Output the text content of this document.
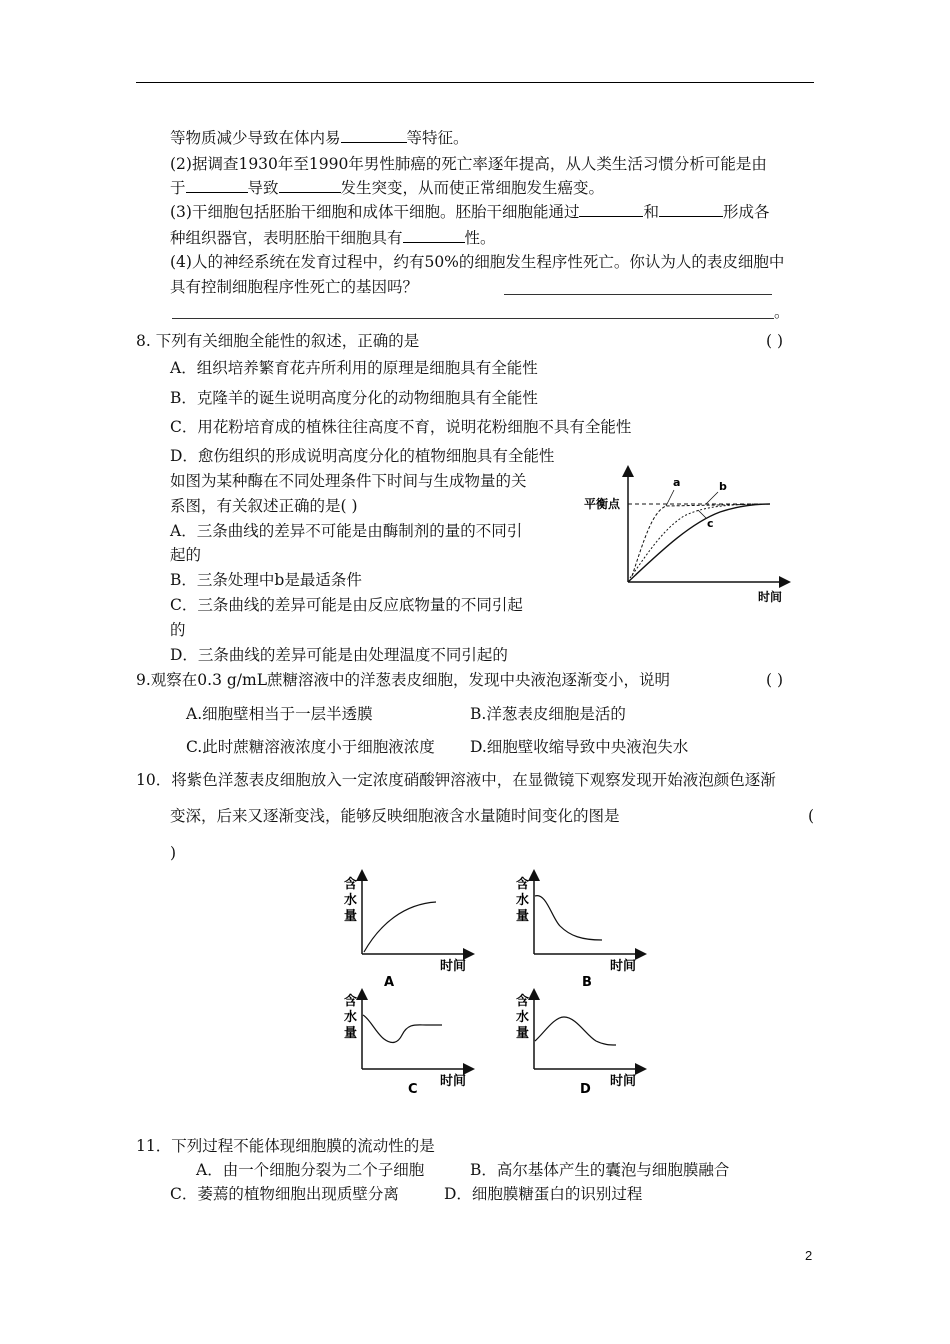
等物质减少导致在体内易	等特征。
(2)据调查1930年至1990年男性肺癌的死亡率逐年提高，从人类生活习惯分析可能是由
于	导致	发生突变，从而使正常细胞发生癌变。
(3)干细胞包括胚胎干细胞和成体干细胞。胚胎干细胞能通过	和	形成各
种组织器官，表明胚胎干细胞具有	性。
(4)人的神经系统在发育过程中，约有50%的细胞发生程序性死亡。你认为人的表皮细胞中
具有控制细胞程序性死亡的基因吗？
。
8. 下列有关细胞全能性的叙述，正确的是	( )
A．组织培养繁育花卉所利用的原理是细胞具有全能性
B．克隆羊的诞生说明高度分化的动物细胞具有全能性
C．用花粉培育成的植株往往高度不育，说明花粉细胞不具有全能性
D．愈伤组织的形成说明高度分化的植物细胞具有全能性
如图为某种酶在不同处理条件下时间与生成物量的关
系图，有关叙述正确的是( )
A．三条曲线的差异不可能是由酶制剂的量的不同引
起的
B．三条处理中b是最适条件
C．三条曲线的差异可能是由反应底物量的不同引起
的
D．三条曲线的差异可能是由处理温度不同引起的
平衡点
a	b
c
时间
9.观察在0.3 g/mL蔗糖溶液中的洋葱表皮细胞，发现中央液泡逐渐变小，说明	( )
A.细胞壁相当于一层半透膜	B.洋葱表皮细胞是活的
C.此时蔗糖溶液浓度小于细胞液浓度 D.细胞壁收缩导致中央液泡失水
10．将紫色洋葱表皮细胞放入一定浓度硝酸钾溶液中，在显微镜下观察发现开始液泡颜色逐渐
变深，后来又逐渐变浅，能够反映细胞液含水量随时间变化的图是	(
)
含
水
量
时间
A
含
水
量
时间
B
含
水
量
时间
C
含
水
量
时间
D
11．下列过程不能体现细胞膜的流动性的是
A．由一个细胞分裂为二个子细胞	B．高尔基体产生的囊泡与细胞膜融合
C．萎蔫的植物细胞出现质壁分离	D．细胞膜糖蛋白的识别过程
2
